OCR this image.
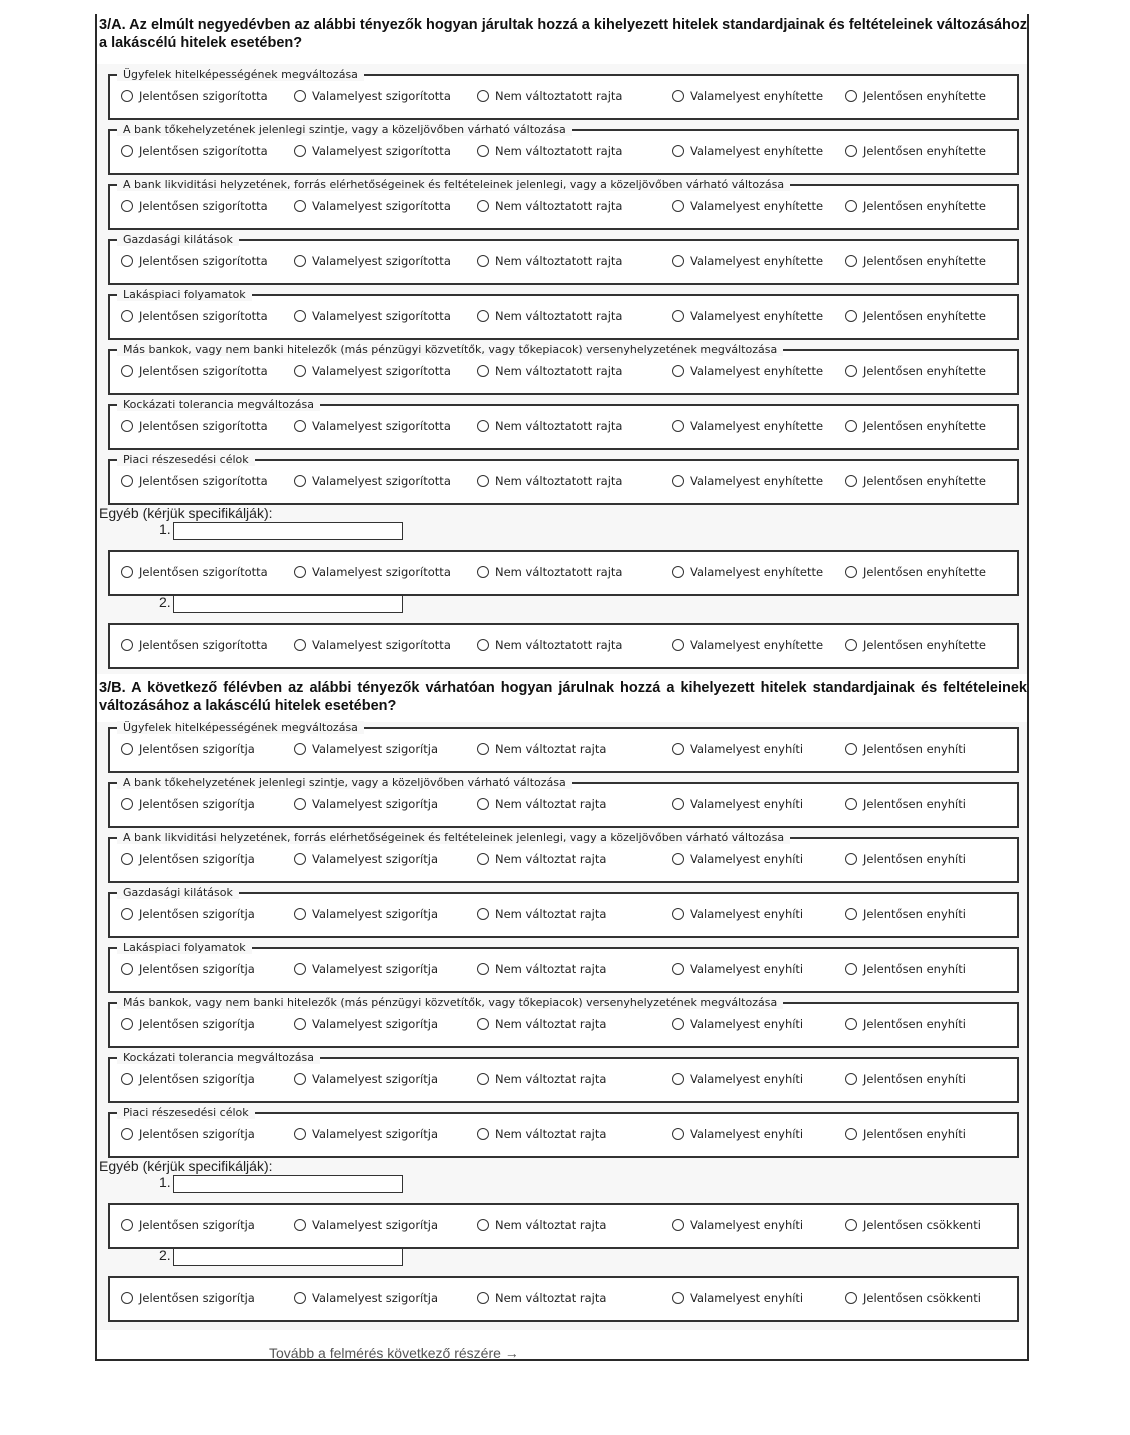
3/A. Az elmúlt negyedévben az alábbi tényezők hogyan járultak hozzá a kihelyezett hitelek standardjainak és feltételeinek változásához a lakáscélú hitelek esetében?
Ügyfelek hitelképességének megváltozása
Jelentősen szigorította	Valamelyest szigorította	Nem változtatott rajta	Valamelyest enyhítette	Jelentősen enyhítette
A bank tőkehelyzetének jelenlegi szintje, vagy a közeljövőben várható változása
Jelentősen szigorította	Valamelyest szigorította	Nem változtatott rajta	Valamelyest enyhítette	Jelentősen enyhítette
A bank likviditási helyzetének, forrás elérhetőségeinek és feltételeinek jelenlegi, vagy a közeljövőben várható változása
Jelentősen szigorította	Valamelyest szigorította	Nem változtatott rajta	Valamelyest enyhítette	Jelentősen enyhítette
Gazdasági kilátások
Jelentősen szigorította	Valamelyest szigorította	Nem változtatott rajta	Valamelyest enyhítette	Jelentősen enyhítette
Lakáspiaci folyamatok
Jelentősen szigorította	Valamelyest szigorította	Nem változtatott rajta	Valamelyest enyhítette	Jelentősen enyhítette
Más bankok, vagy nem banki hitelezők (más pénzügyi közvetítők, vagy tőkepiacok) versenyhelyzetének megváltozása
Jelentősen szigorította	Valamelyest szigorította	Nem változtatott rajta	Valamelyest enyhítette	Jelentősen enyhítette
Kockázati tolerancia megváltozása
Jelentősen szigorította	Valamelyest szigorította	Nem változtatott rajta	Valamelyest enyhítette	Jelentősen enyhítette
Piaci részesedési célok
Jelentősen szigorította	Valamelyest szigorította	Nem változtatott rajta	Valamelyest enyhítette	Jelentősen enyhítette
Egyéb (kérjük specifikálják):
1.
Jelentősen szigorította	Valamelyest szigorította	Nem változtatott rajta	Valamelyest enyhítette	Jelentősen enyhítette
2.
Jelentősen szigorította	Valamelyest szigorította	Nem változtatott rajta	Valamelyest enyhítette	Jelentősen enyhítette
3/B. A következő félévben az alábbi tényezők várhatóan hogyan járulnak hozzá a kihelyezett hitelek standardjainak és feltételeinek változásához a lakáscélú hitelek esetében?
Ügyfelek hitelképességének megváltozása
Jelentősen szigorítja	Valamelyest szigorítja	Nem változtat rajta	Valamelyest enyhíti	Jelentősen enyhíti
A bank tőkehelyzetének jelenlegi szintje, vagy a közeljövőben várható változása
Jelentősen szigorítja	Valamelyest szigorítja	Nem változtat rajta	Valamelyest enyhíti	Jelentősen enyhíti
A bank likviditási helyzetének, forrás elérhetőségeinek és feltételeinek jelenlegi, vagy a közeljövőben várható változása
Jelentősen szigorítja	Valamelyest szigorítja	Nem változtat rajta	Valamelyest enyhíti	Jelentősen enyhíti
Gazdasági kilátások
Jelentősen szigorítja	Valamelyest szigorítja	Nem változtat rajta	Valamelyest enyhíti	Jelentősen enyhíti
Lakáspiaci folyamatok
Jelentősen szigorítja	Valamelyest szigorítja	Nem változtat rajta	Valamelyest enyhíti	Jelentősen enyhíti
Más bankok, vagy nem banki hitelezők (más pénzügyi közvetítők, vagy tőkepiacok) versenyhelyzetének megváltozása
Jelentősen szigorítja	Valamelyest szigorítja	Nem változtat rajta	Valamelyest enyhíti	Jelentősen enyhíti
Kockázati tolerancia megváltozása
Jelentősen szigorítja	Valamelyest szigorítja	Nem változtat rajta	Valamelyest enyhíti	Jelentősen enyhíti
Piaci részesedési célok
Jelentősen szigorítja	Valamelyest szigorítja	Nem változtat rajta	Valamelyest enyhíti	Jelentősen enyhíti
Egyéb (kérjük specifikálják):
1.
Jelentősen szigorítja	Valamelyest szigorítja	Nem változtat rajta	Valamelyest enyhíti	Jelentősen csökkenti
2.
Jelentősen szigorítja	Valamelyest szigorítja	Nem változtat rajta	Valamelyest enyhíti	Jelentősen csökkenti
Tovább a felmérés következő részére →
